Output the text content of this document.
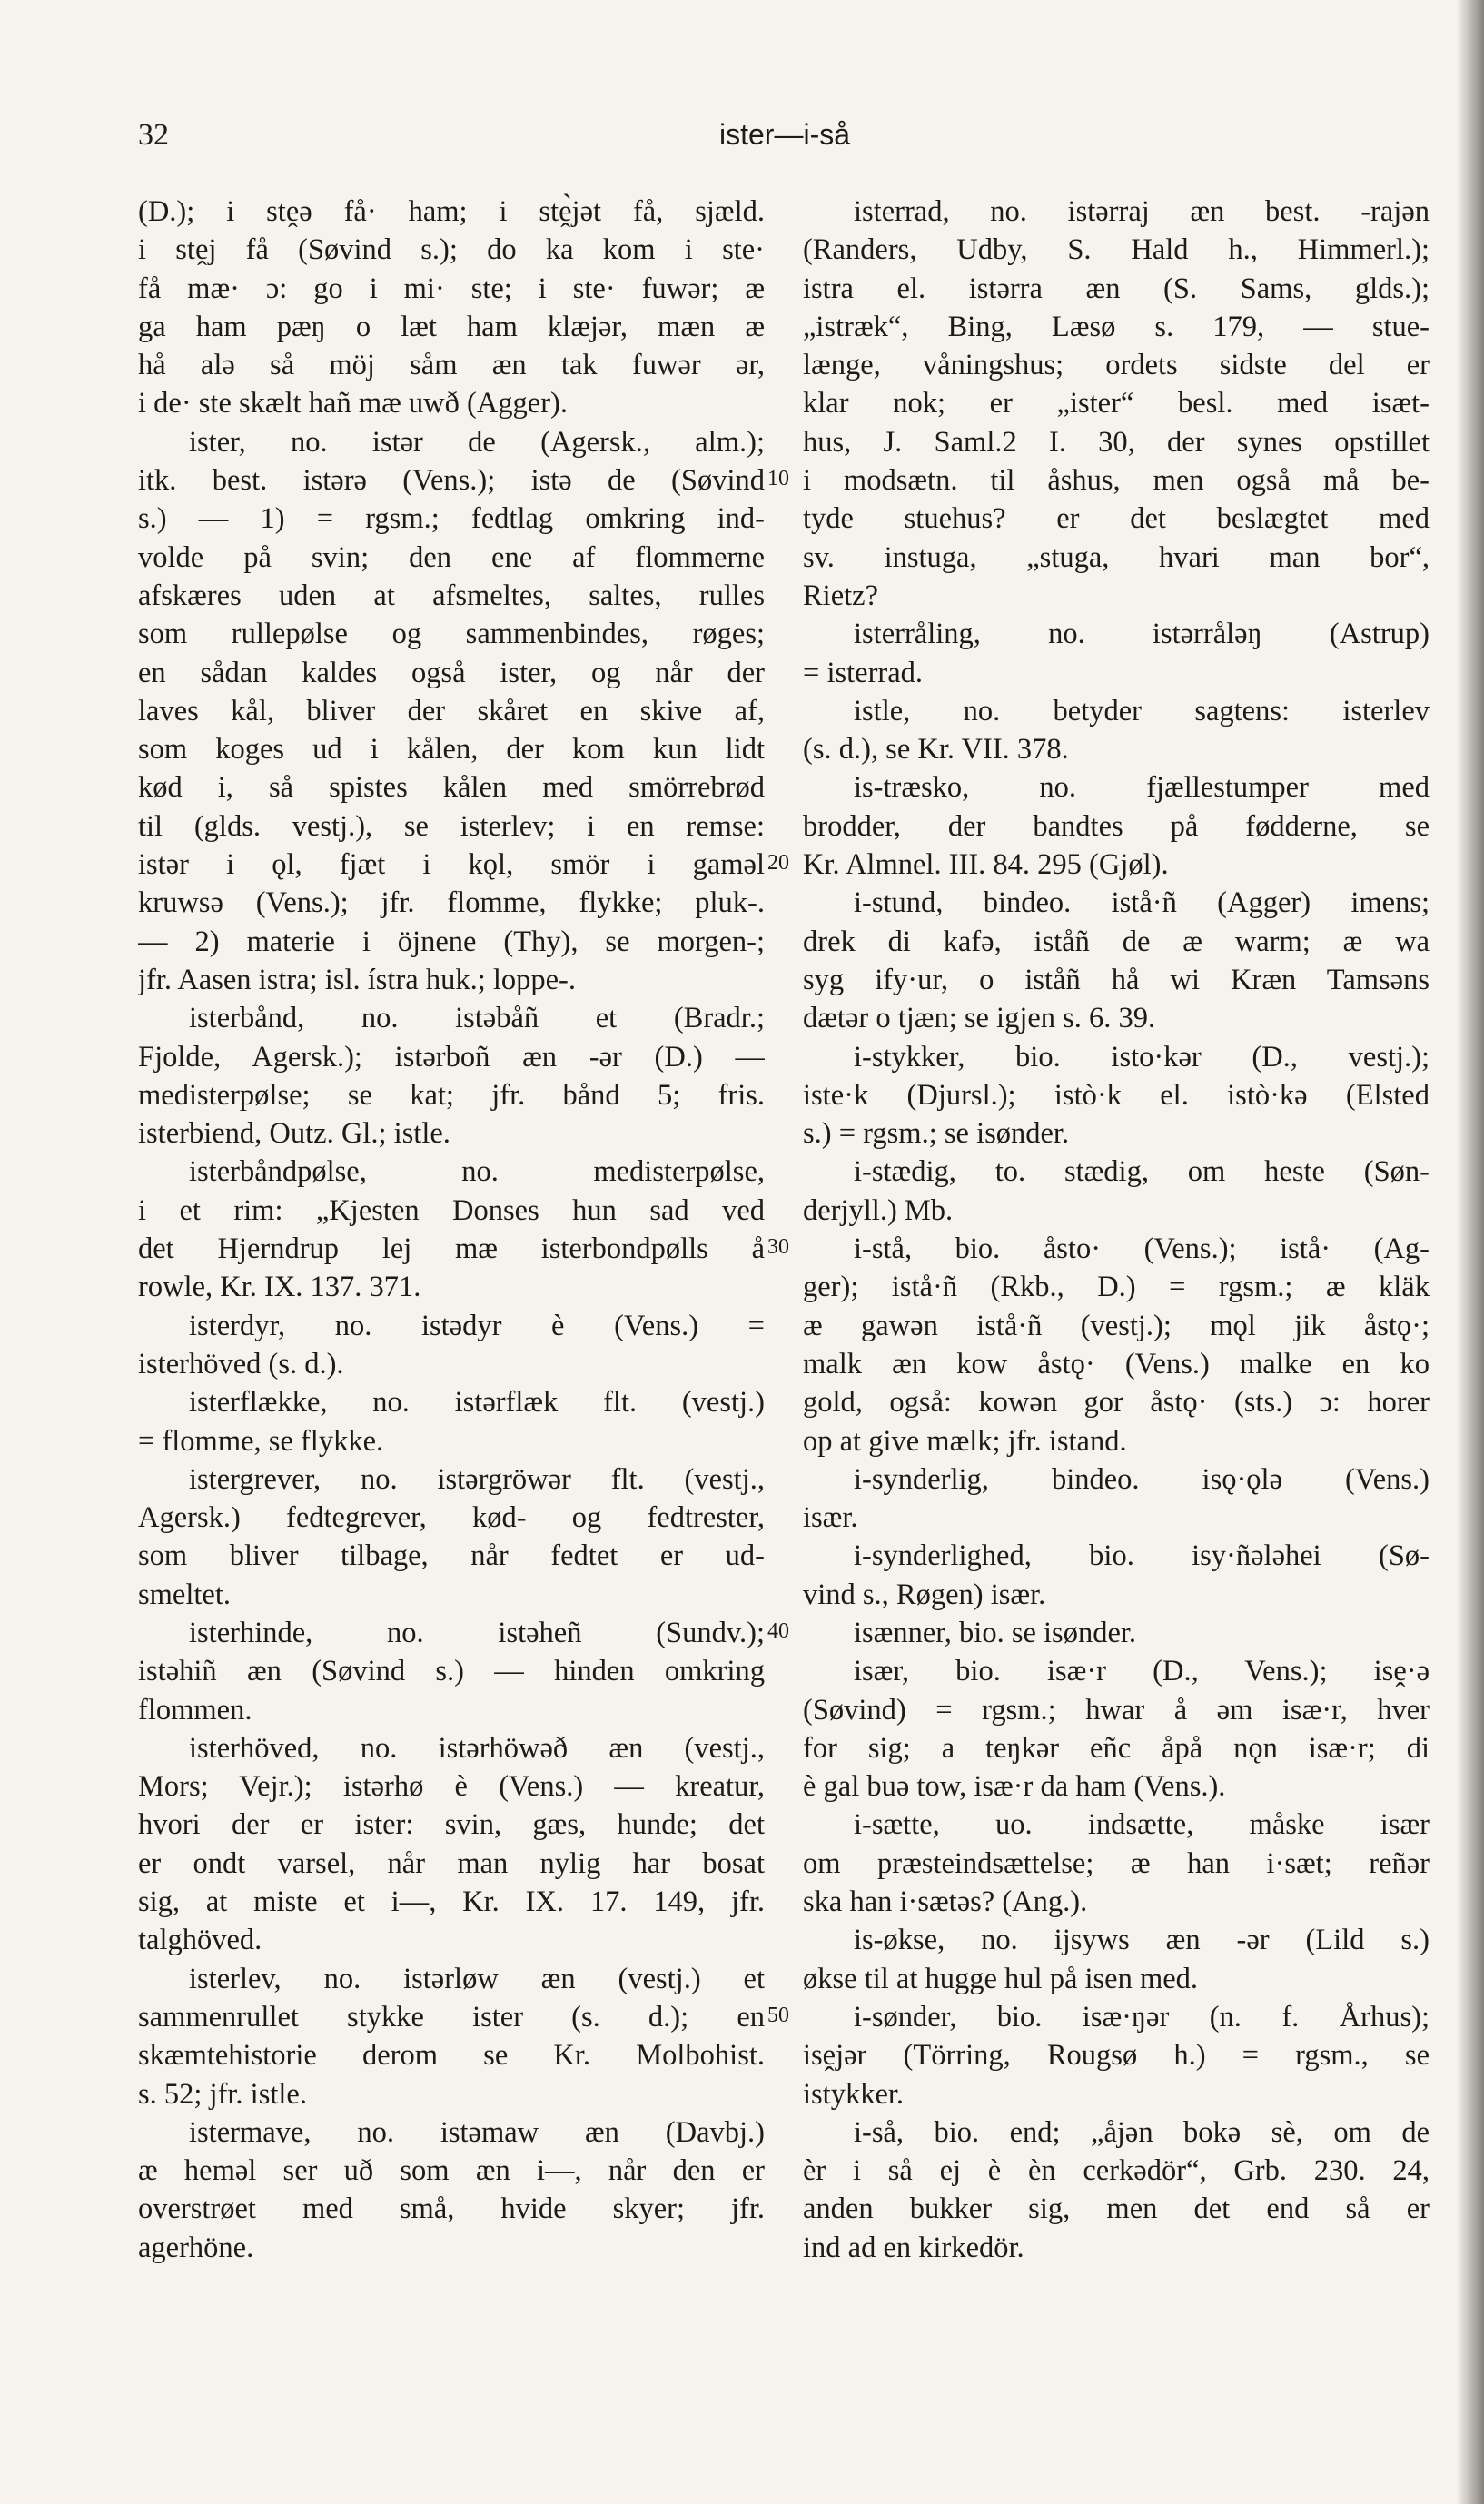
32	ister—i-så
(D.); i stḙə få· ham; i stḙ̀jət få, sjæld.
i stḙj få (Søvind s.); do ka kom i ste·
få mæ· ɔ: go i mi· ste; i ste· fuwər; æ
ga ham pæŋ o læt ham klæjər, mæn æ
hå alə så möj såm æn tak fuwər ər,
i de· ste skælt hañ mæ uwð (Agger).
ister, no. istər de (Agersk., alm.);
itk. best. istərə (Vens.); istə de (Søvind
s.) — 1) = rgsm.; fedtlag omkring ind-
volde på svin; den ene af flommerne
afskæres uden at afsmeltes, saltes, rulles
som rullepølse og sammenbindes, røges;
en sådan kaldes også ister, og når der
laves kål, bliver der skåret en skive af,
som koges ud i kålen, der kom kun lidt
kød i, så spistes kålen med smörrebrød
til (glds. vestj.), se isterlev; i en remse:
istər i ǫl, fjæt i kǫl, smör i gamǝl
kruwsə (Vens.); jfr. flomme, flykke; pluk-.
— 2) materie i öjnene (Thy), se morgen-;
jfr. Aasen istra; isl. ístra huk.; loppe-.
isterbånd, no. istəbåñ et (Bradr.;
Fjolde, Agersk.); istərboñ æn -ər (D.) —
medisterpølse; se kat; jfr. bånd 5; fris.
isterbiend, Outz. Gl.; istle.
isterbåndpølse, no. medisterpølse,
i et rim: „Kjesten Donses hun sad ved
det Hjerndrup lej mæ isterbondpølls å
rowle, Kr. IX. 137. 371.
isterdyr, no. istədyr è (Vens.) =
isterhöved (s. d.).
isterflække, no. istərflæk flt. (vestj.)
= flomme, se flykke.
istergrever, no. istərgröwər flt. (vestj.,
Agersk.) fedtegrever, kød- og fedtrester,
som bliver tilbage, når fedtet er ud-
smeltet.
isterhinde, no. istəheñ (Sundv.);
istəhiñ æn (Søvind s.) — hinden omkring
flommen.
isterhöved, no. istərhöwəð æn (vestj.,
Mors; Vejr.); istərhø è (Vens.) — kreatur,
hvori der er ister: svin, gæs, hunde; det
er ondt varsel, når man nylig har bosat
sig, at miste et i—, Kr. IX. 17. 149, jfr.
talghöved.
isterlev, no. istərløw æn (vestj.) et
sammenrullet stykke ister (s. d.); en
skæmtehistorie derom se Kr. Molbohist.
s. 52; jfr. istle.
istermave, no. istəmaw æn (Davbj.)
æ heməl ser uð som æn i—, når den er
overstrøet med små, hvide skyer; jfr.
agerhöne.
isterrad, no. istərraj æn best. -rajən
(Randers, Udby, S. Hald h., Himmerl.);
istra el. istərra æn (S. Sams, glds.);
„istræk“, Bing, Læsø s. 179, — stue-
længe, våningshus; ordets sidste del er
klar nok; er „ister“ besl. med isæt-
hus, J. Saml.2 I. 30, der synes opstillet
i modsætn. til åshus, men også må be-
tyde stuehus? er det beslægtet med
sv. instuga, „stuga, hvari man bor“,
Rietz?
isterråling, no. istərråləŋ (Astrup)
= isterrad.
istle, no. betyder sagtens: isterlev
(s. d.), se Kr. VII. 378.
is-træsko, no. fjællestumper med
brodder, der bandtes på fødderne, se
Kr. Almnel. III. 84. 295 (Gjøl).
i-stund, bindeo. istå·ñ (Agger) imens;
drek di kafə, iståñ de æ warm; æ wa
syg ify·ur, o iståñ hå wi Kræn Tamsəns
dætər o tjæn; se igjen s. 6. 39.
i-stykker, bio. isto·kər (D., vestj.);
iste·k (Djursl.); istò·k el. istò·kə (Elsted
s.) = rgsm.; se isønder.
i-stædig, to. stædig, om heste (Søn-
derjyll.) Mb.
i-stå, bio. åsto· (Vens.); istå· (Ag-
ger); istå·ñ (Rkb., D.) = rgsm.; æ kläk
æ gawən istå·ñ (vestj.); mǫl jik åstǫ·;
malk æn kow åstǫ· (Vens.) malke en ko
gold, også: kowən gor åstǫ· (sts.) ɔ: horer
op at give mælk; jfr. istand.
i-synderlig, bindeo. isǫ·ǫlə (Vens.)
især.
i-synderlighed, bio. isy·ñələhei (Sø-
vind s., Røgen) især.
isænner, bio. se isønder.
især, bio. isæ·r (D., Vens.); isḙ·ə
(Søvind) = rgsm.; hwar å əm isæ·r, hver
for sig; a teŋkər eñc åpå nǫn isæ·r; di
è gal buə tow, isæ·r da ham (Vens.).
i-sætte, uo. indsætte, måske især
om præsteindsættelse; æ han i·sæt; reñər
ska han i·sætəs? (Ang.).
is-økse, no. ijsyws æn -ər (Lild s.)
økse til at hugge hul på isen med.
i-sønder, bio. isæ·ŋər (n. f. Århus);
isḙjər (Törring, Rougsø h.) = rgsm., se
istykker.
i-så, bio. end; „åjən bokə sè, om de
èr i så ej è èn cerkədör“, Grb. 230. 24,
anden bukker sig, men det end så er
ind ad en kirkedör.
10
20
30
40
50
